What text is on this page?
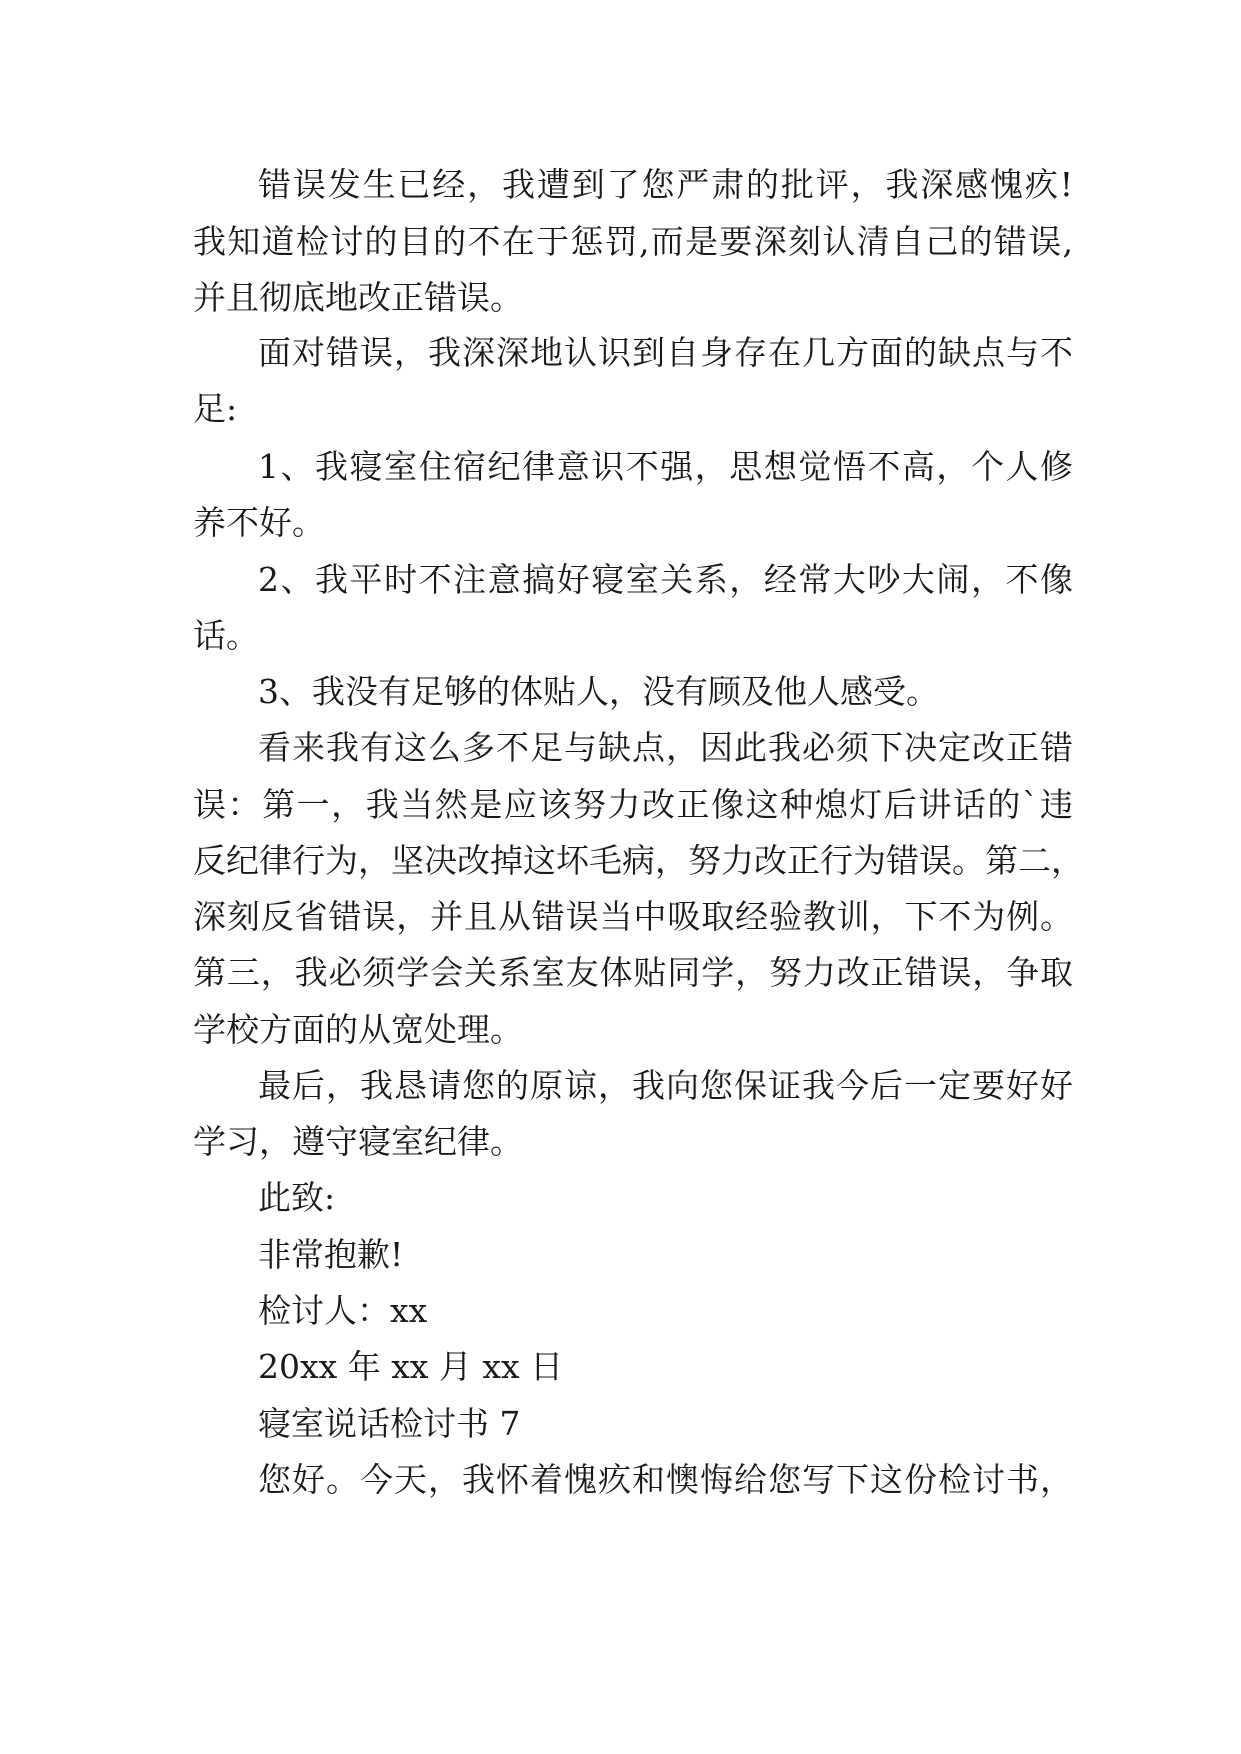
错误发生已经，我遭到了您严肃的批评，我深感愧疚!
我知道检讨的目的不在于惩罚,而是要深刻认清自己的错误,
并且彻底地改正错误。
面对错误，我深深地认识到自身存在几方面的缺点与不
足:
1、我寝室住宿纪律意识不强，思想觉悟不高，个人修
养不好。
2、我平时不注意搞好寝室关系，经常大吵大闹，不像
话。
3、我没有足够的体贴人，没有顾及他人感受。
看来我有这么多不足与缺点，因此我必须下决定改正错
误：第一，我当然是应该努力改正像这种熄灯后讲话的`违
反纪律行为，坚决改掉这坏毛病，努力改正行为错误。第二，
深刻反省错误，并且从错误当中吸取经验教训，下不为例。
第三，我必须学会关系室友体贴同学，努力改正错误，争取
学校方面的从宽处理。
最后，我恳请您的原谅，我向您保证我今后一定要好好
学习，遵守寝室纪律。
此致:
非常抱歉!
检讨人：xx
20xx 年 xx 月 xx 日
寝室说话检讨书 7
您好。今天，我怀着愧疚和懊悔给您写下这份检讨书，
